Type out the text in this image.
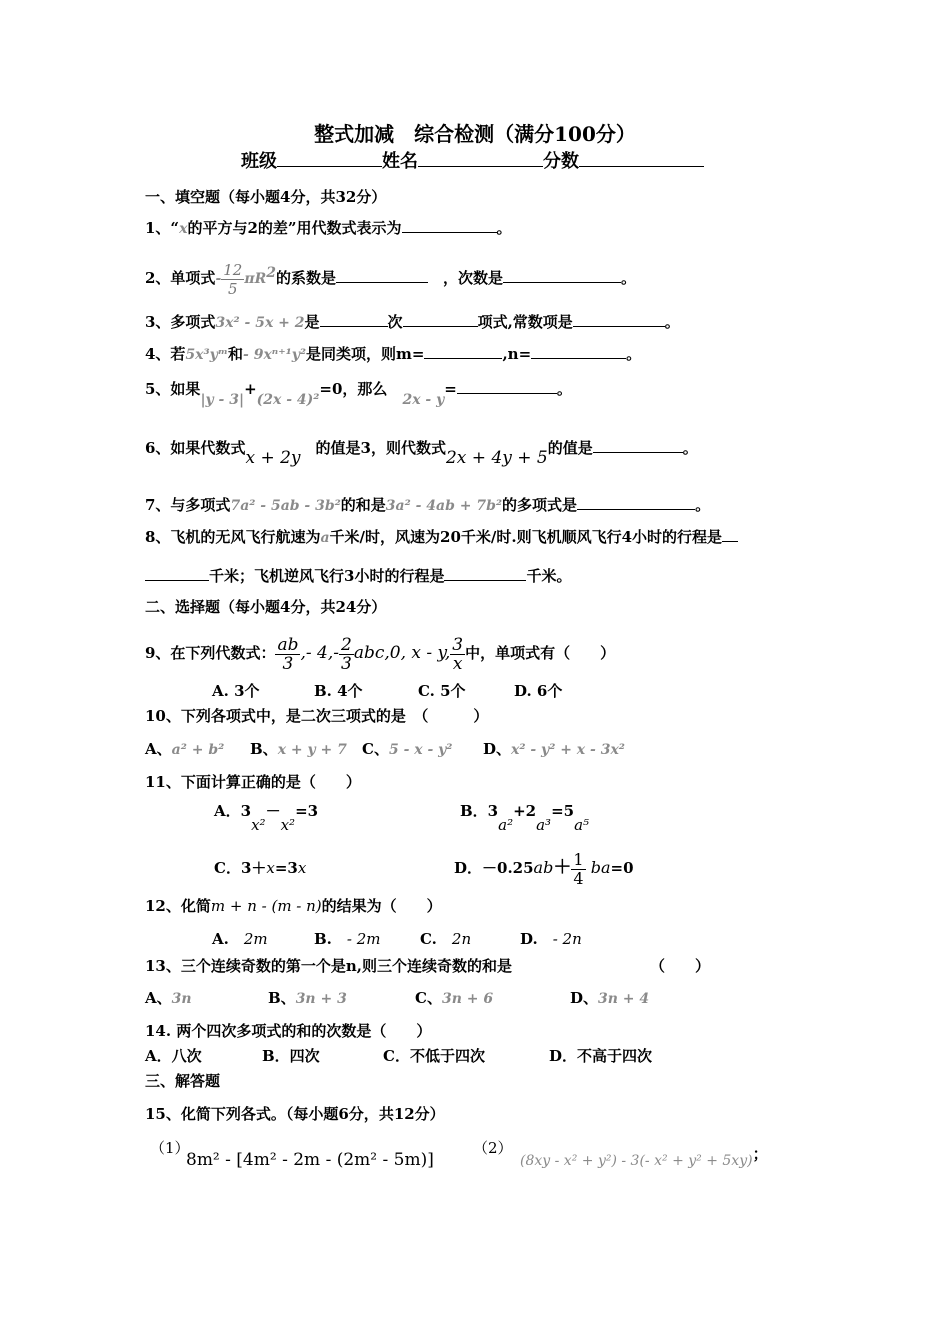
整式加减　综合检测（满分100分）
班级	姓名	分数
一、填空题（每小题4分，共32分）
1、“x的平方与2的差”用代数式表示为	。
2、单项式- $\frac{12}{5} \pi R^2$的系数是　	，次数是	。
3、多项式3x² - 5x + 2是	次	项式,常数项是	。
4、若5x³yᵐ和- 9xⁿ⁺¹y²是同类项，则m=	,n=	。
5、如果|y - 3|+(2x - 4)²=0，那么　2x - y=	。
6、如果代数式x + 2y　 的值是3，则代数式2x + 4y + 5的值是	。
7、与多项式7a² - 5ab - 3b²的和是3a² - 4ab + 7b²的多项式是	。
8、飞机的无风飞行航速为a千米/时，风速为20千米/时.则飞机顺风飞行4小时的行程是
千米；飞机逆风飞行3小时的行程是	千米。
二、选择题（每小题4分，共24分）
9、在下列代数式： $\frac{ab}{3}$ ,- $4,- \frac{2}{3} abc,0$, x - y, $\frac{3}{x}$ 中，单项式有（　　）
A. 3个	B. 4个	C. 5个	D. 6个
10、下列各项式中，是二次三项式的是　（　　　）
A、a² + b² B、x + y + 7 C、5 - x - y² D、x² - y² + x - 3x²
11、下面计算正确的是（　　）
A．3x²－x²=3	B．3a²+2a³=5a⁵
C．3＋x=3x	D．$-0.25ab+ \frac{1}{4} ba=0$
12、化简m + n - (m - n)的结果为（　　）
A.　 2m	B.　 - 2m	C.　 2n	D.　 - 2n
13、三个连续奇数的第一个是n,则三个连续奇数的和是	（　　）
A、3n	B、3n + 3	C、3n + 6	D、3n + 4
14. 两个四次多项式的和的次数是（　　）
A．八次	B．四次	C．不低于四次	D．不高于四次
三、解答题
15、化简下列各式。（每小题6分，共12分）
（1）
8m² - [4m² - 2m - (2m² - 5m)]
（2）
(8xy - x² + y²) - 3(- x² + y² + 5xy)；
